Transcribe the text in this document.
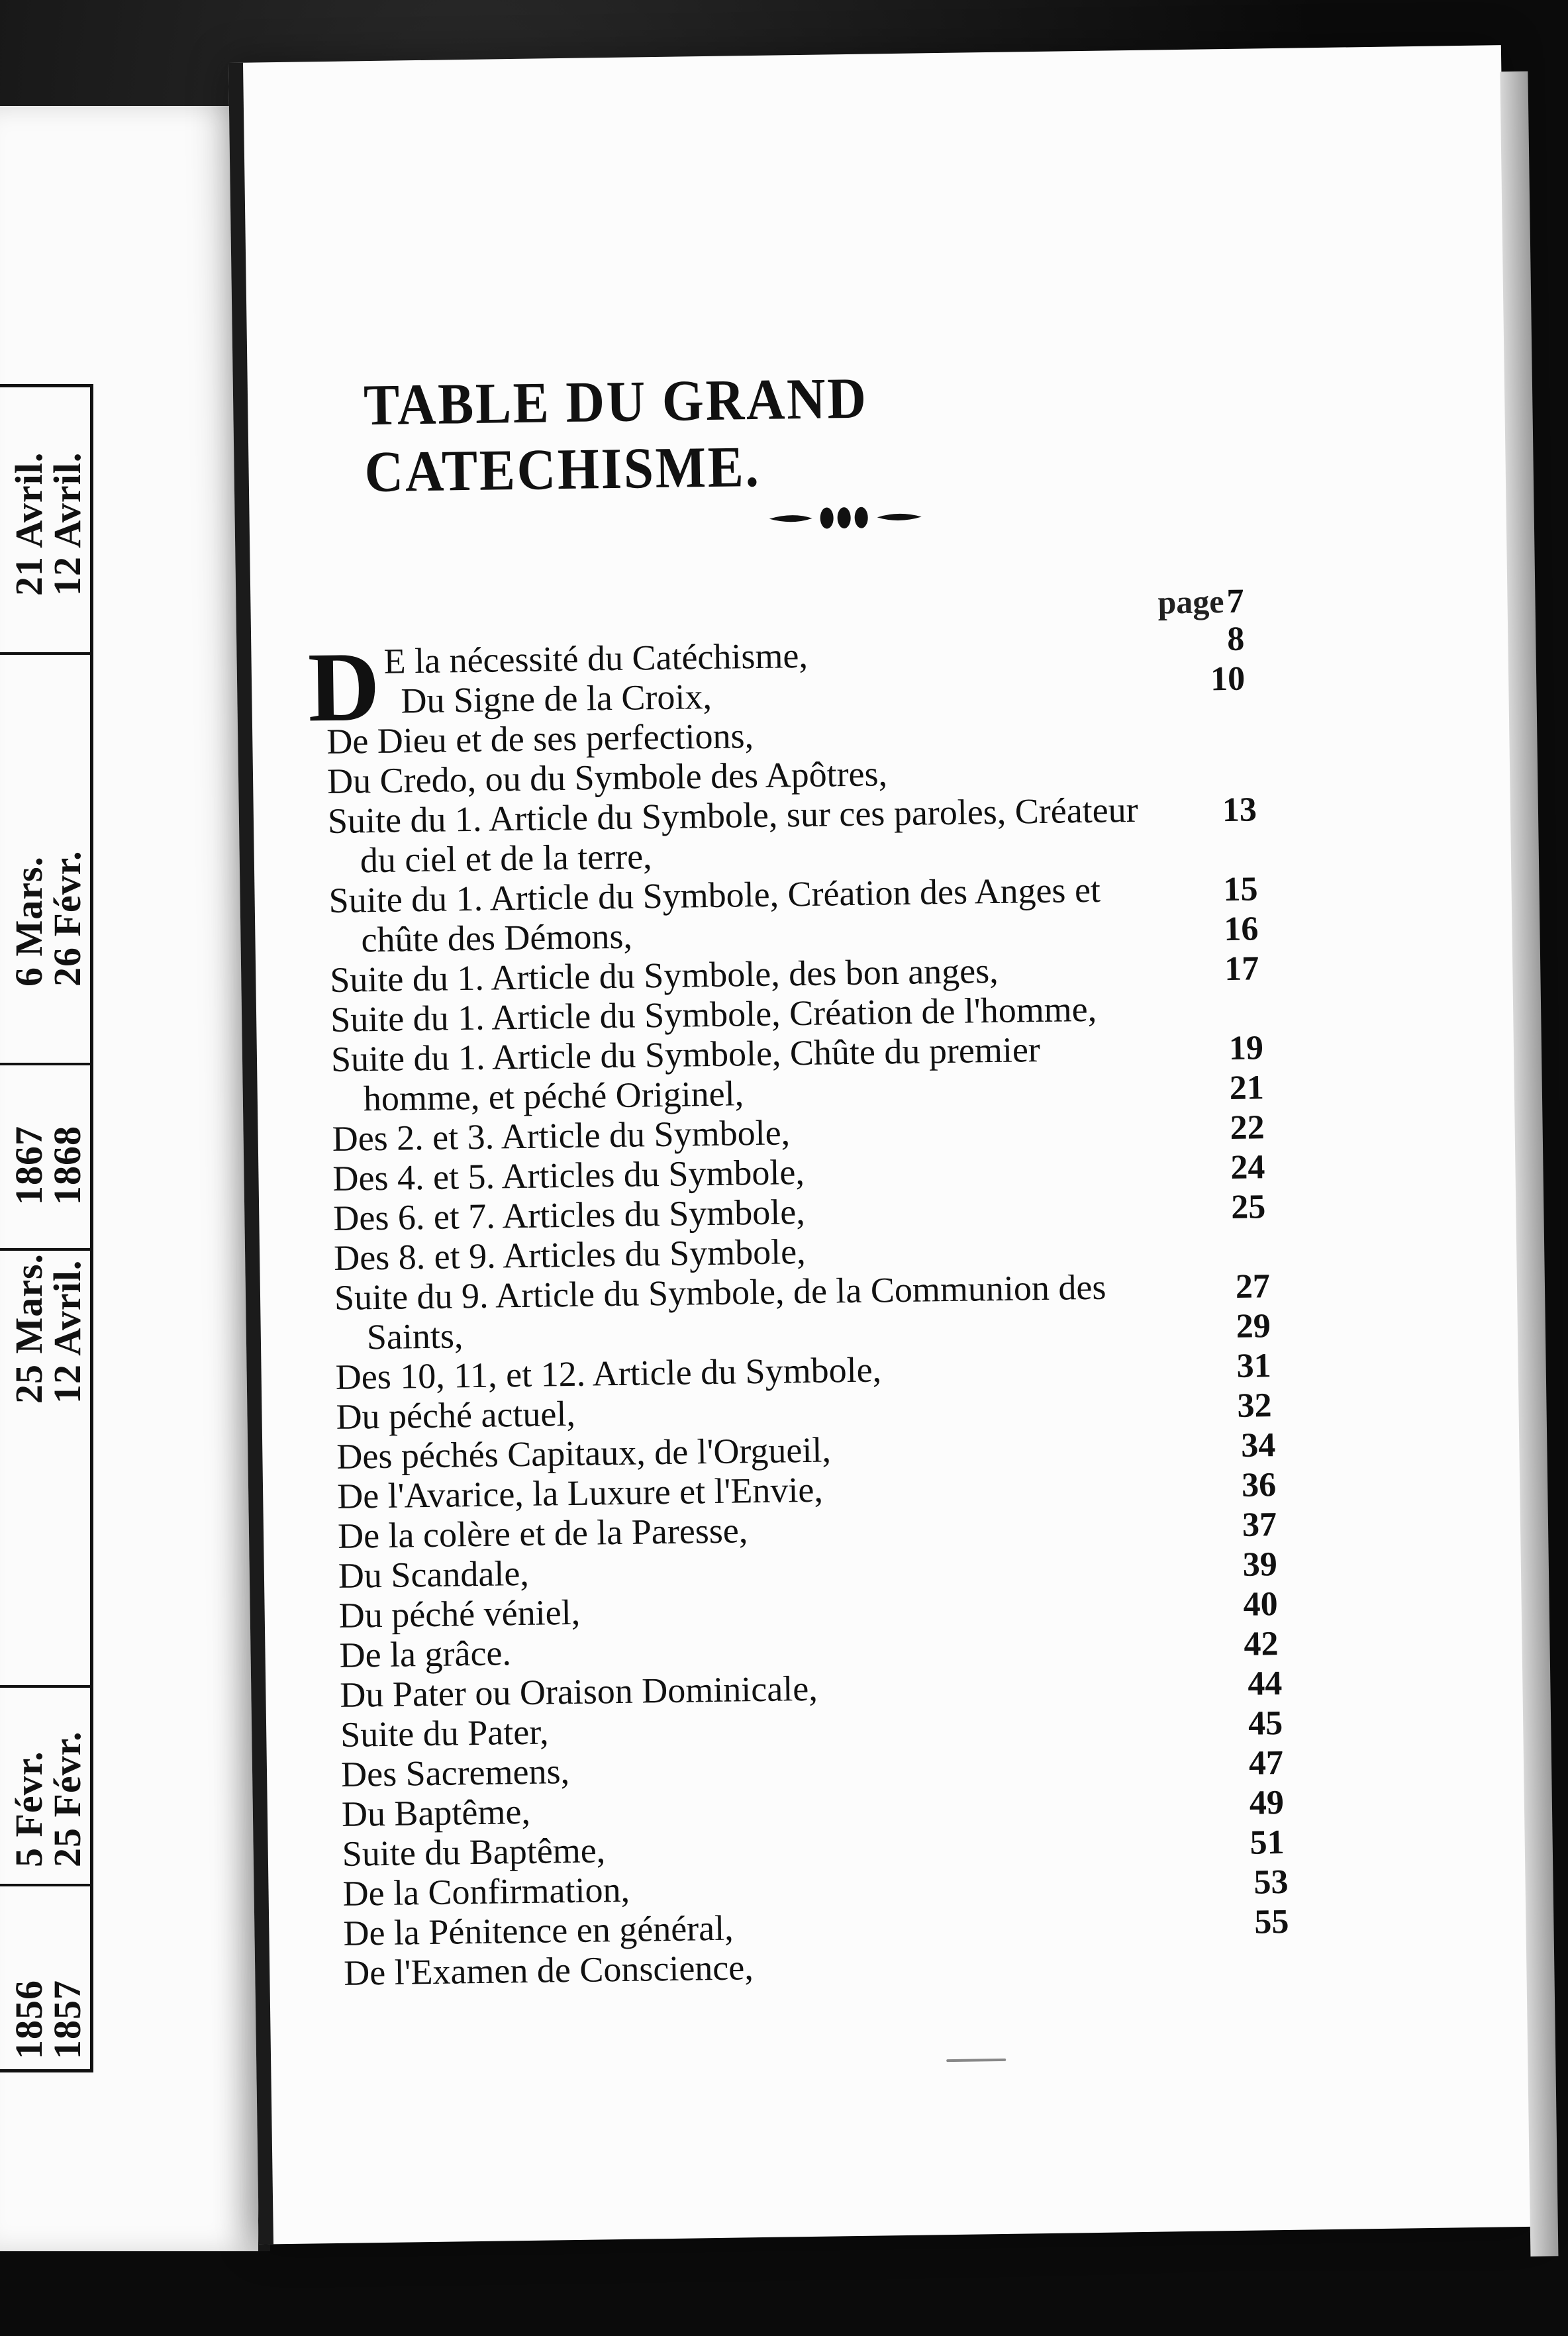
1856
1857
5 Févr.
25 Févr.
25 Mars.
12 Avril.
1867
1868
6 Mars.
26 Févr.
21 Avril.
12 Avril.
TABLE DU GRAND CATECHISME.
page
D E la nécessité du Catéchisme,
Du Signe de la Croix,
De Dieu et de ses perfections,
Du Credo, ou du Symbole des Apôtres,
Suite du 1. Article du Symbole, sur ces paroles, Créateur
du ciel et de la terre,
Suite du 1. Article du Symbole, Création des Anges et
chûte des Démons,
Suite du 1. Article du Symbole, des bon anges,
Suite du 1. Article du Symbole, Création de l'homme,
Suite du 1. Article du Symbole, Chûte du premier
homme, et péché Originel,
Des 2. et 3. Article du Symbole,
Des 4. et 5. Articles du Symbole,
Des 6. et 7. Articles du Symbole,
Des 8. et 9. Articles du Symbole,
Suite du 9. Article du Symbole, de la Communion des
Saints,
Des 10, 11, et 12. Article du Symbole,
Du péché actuel,
Des péchés Capitaux, de l'Orgueil,
De l'Avarice, la Luxure et l'Envie,
De la colère et de la Paresse,
Du Scandale,
Du péché véniel,
De la grâce.
Du Pater ou Oraison Dominicale,
Suite du Pater,
Des Sacremens,
Du Baptême,
Suite du Baptême,
De la Confirmation,
De la Pénitence en général,
De l'Examen de Conscience,
7
8
10
13
15
16
17
19
21
22
24
25
27
29
31
32
34
36
37
39
40
42
44
45
47
49
51
53
55
